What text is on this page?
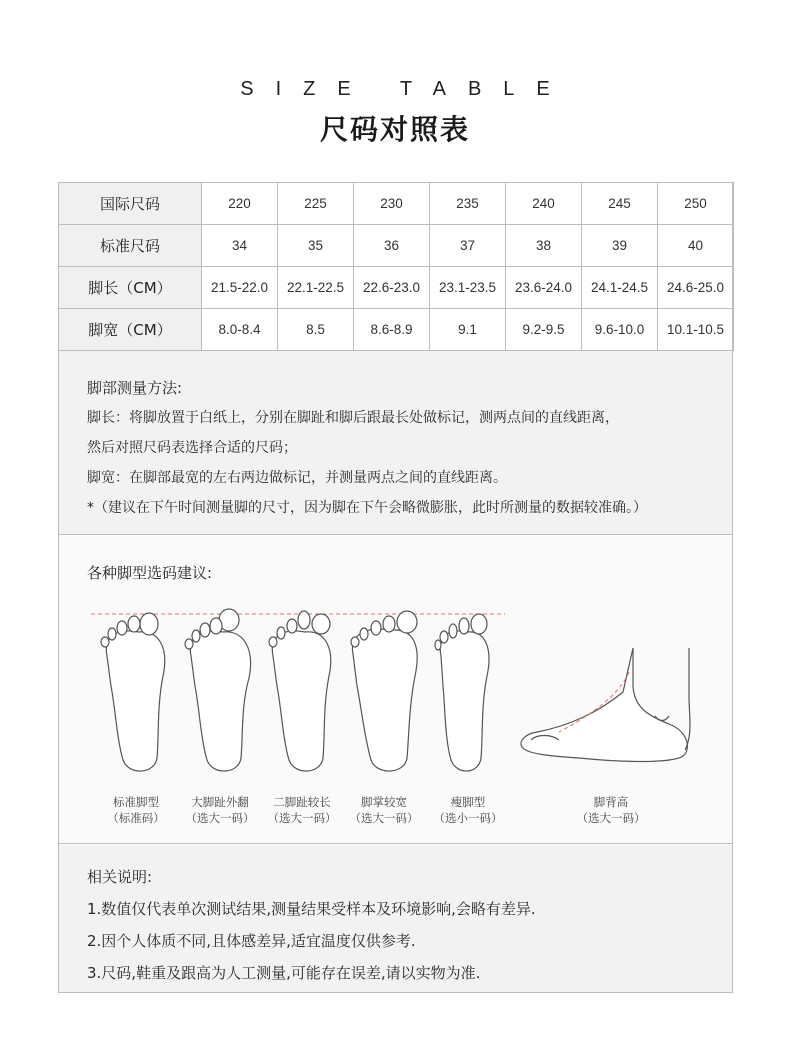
SIZE TABLE
尺码对照表
国际尺码	220	225	230	235	240	245	250
标准尺码	34	35	36	37	38	39	40
脚长（CM）	21.5-22.0	22.1-22.5	22.6-23.0	23.1-23.5	23.6-24.0	24.1-24.5	24.6-25.0
脚宽（CM）	8.0-8.4	8.5	8.6-8.9	9.1	9.2-9.5	9.6-10.0	10.1-10.5
脚部测量方法:
脚长：将脚放置于白纸上，分别在脚趾和脚后跟最长处做标记，测两点间的直线距离，
然后对照尺码表选择合适的尺码；
脚宽：在脚部最宽的左右两边做标记，并测量两点之间的直线距离。
*（建议在下午时间测量脚的尺寸，因为脚在下午会略微膨胀，此时所测量的数据较准确。）
各种脚型选码建议:
标准脚型
（标准码）
大脚趾外翻
（选大一码）
二脚趾较长
（选大一码）
脚掌较宽
（选大一码）
瘦脚型
（选小一码）
脚背高
（选大一码）
相关说明:
1.数值仅代表单次测试结果,测量结果受样本及环境影响,会略有差异.
2.因个人体质不同,且体感差异,适宜温度仅供参考.
3.尺码,鞋重及跟高为人工测量,可能存在误差,请以实物为准.
